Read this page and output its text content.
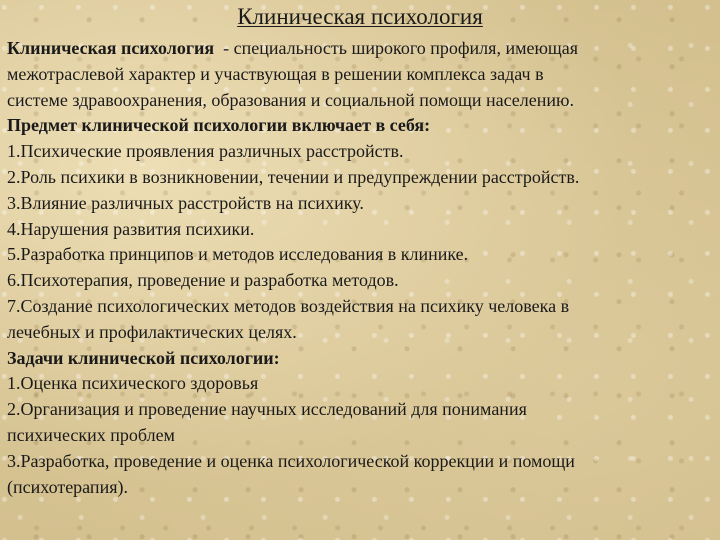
Клиническая психология
Клиническая психология  - специальность широкого профиля, имеющая
межотраслевой характер и участвующая в решении комплекса задач в
системе здравоохранения, образования и социальной помощи населению.
Предмет клинической психологии включает в себя:
1.Психические проявления различных расстройств.
2.Роль психики в возникновении, течении и предупреждении расстройств.
3.Влияние различных расстройств на психику.
4.Нарушения развития психики.
5.Разработка принципов и методов исследования в клинике.
6.Психотерапия, проведение и разработка методов.
7.Создание психологических методов воздействия на психику человека в
лечебных и профилактических целях.
Задачи клинической психологии:
1.Оценка психического здоровья
2.Организация и проведение научных исследований для понимания
психических проблем
3.Разработка, проведение и оценка психологической коррекции и помощи
(психотерапия).
